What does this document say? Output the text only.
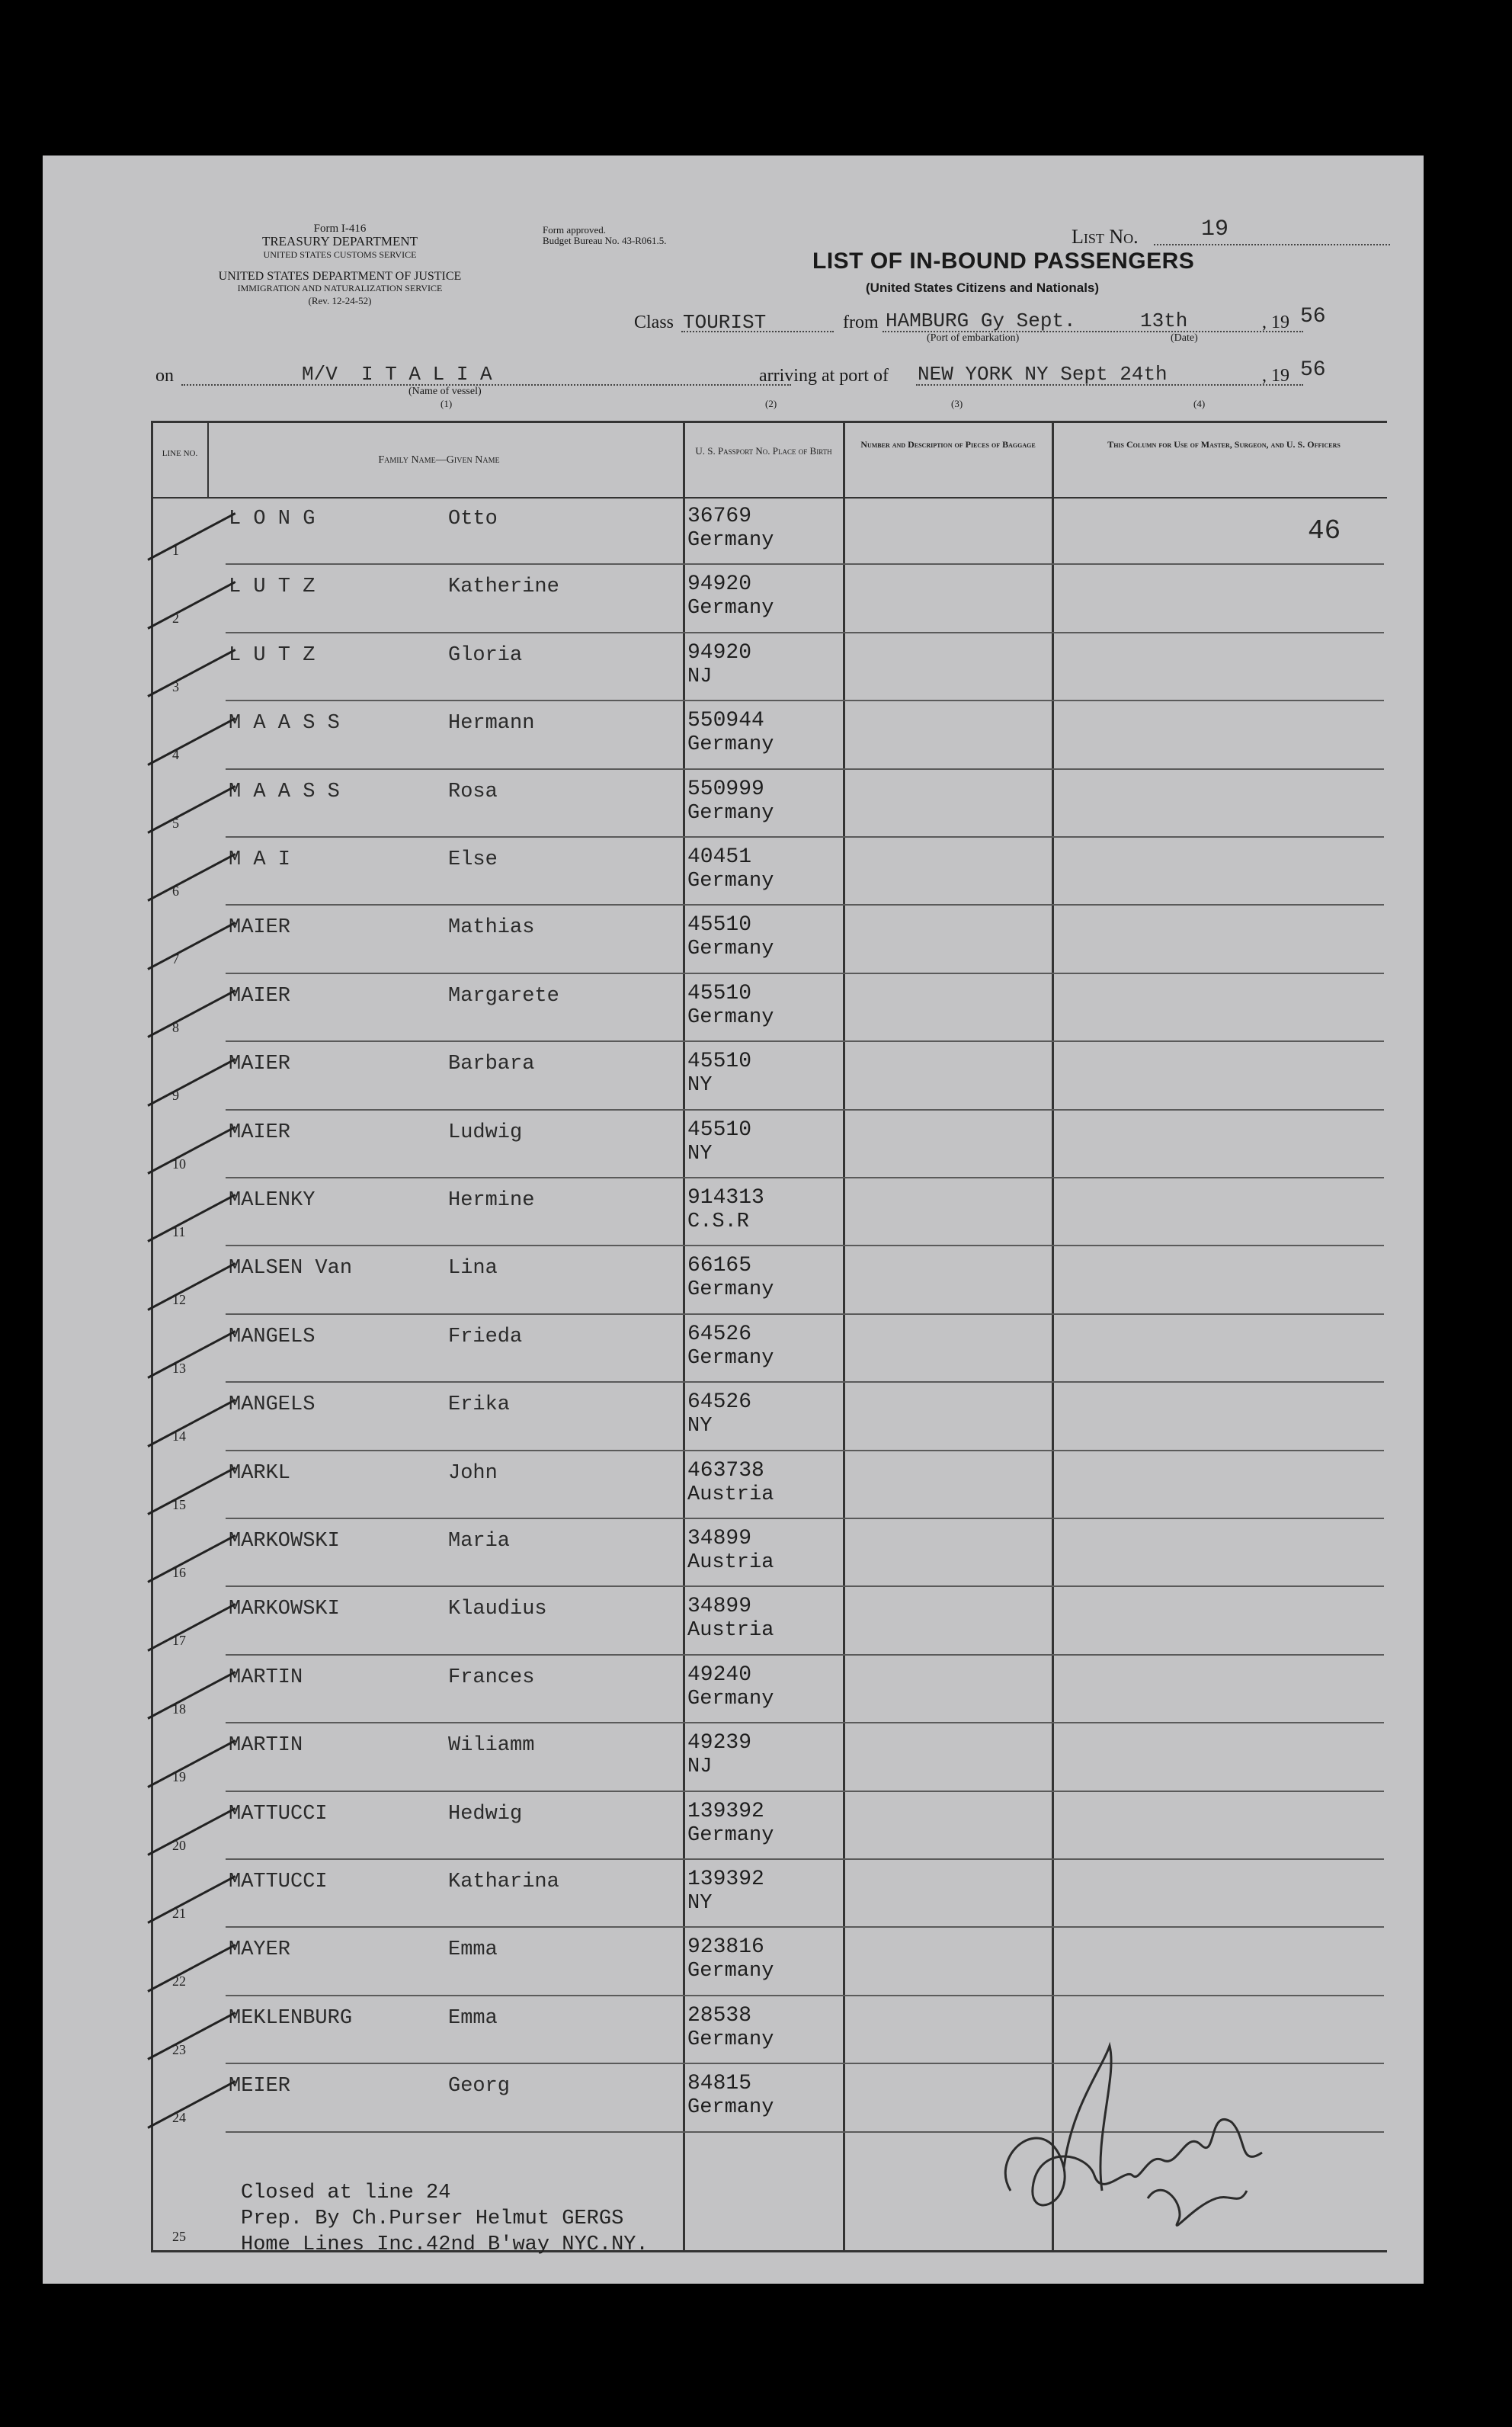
Form I-416
TREASURY DEPARTMENT
UNITED STATES CUSTOMS SERVICE
UNITED STATES DEPARTMENT OF JUSTICE
IMMIGRATION AND NATURALIZATION SERVICE
(Rev. 12-24-52)
Form approved.
Budget Bureau No. 43-R061.5.	List No.	19
LIST OF IN-BOUND PASSENGERS
(United States Citizens and Nationals)
Class TOURIST	from HAMBURG Gy Sept.	13th	, 19 56
(Port of embarkation)	(Date)
on	M/V  I T A L I A
(Name of vessel)
arriving at port of NEW YORK NY Sept 24th	, 19 56
(1)	(2)	(3)	(4)
LINE NO.
Family Name—Given Name
U. S. Passport No. Place of Birth
Number and Description of Pieces of Baggage	This Column for Use of Master, Surgeon, and U. S. Officers
46
1
L O N G	Otto	36769
Germany
2
L U T Z	Katherine	94920
Germany
3
L U T Z	Gloria	94920
NJ
4
M A A S S	Hermann	550944
Germany
5
M A A S S	Rosa	550999
Germany
6
M A I	Else	40451
Germany
7
MAIER	Mathias	45510
Germany
8
MAIER	Margarete	45510
Germany
9
MAIER	Barbara	45510
NY
10
MAIER	Ludwig	45510
NY
11
MALENKY	Hermine	914313
C.S.R
12
MALSEN Van	Lina	66165
Germany
13
MANGELS	Frieda	64526
Germany
14
MANGELS	Erika	64526
NY
15
MARKL	John	463738
Austria
16
MARKOWSKI	Maria	34899
Austria
17
MARKOWSKI	Klaudius	34899
Austria
18
MARTIN	Frances	49240
Germany
19
MARTIN	Wiliamm	49239
NJ
20
MATTUCCI	Hedwig	139392
Germany
21
MATTUCCI	Katharina	139392
NY
22
MAYER	Emma	923816
Germany
23
MEKLENBURG	Emma	28538
Germany
24
MEIER	Georg	84815
Germany
25
Closed at line 24
Prep. By Ch.Purser Helmut GERGS
Home Lines Inc.42nd B'way NYC.NY.
